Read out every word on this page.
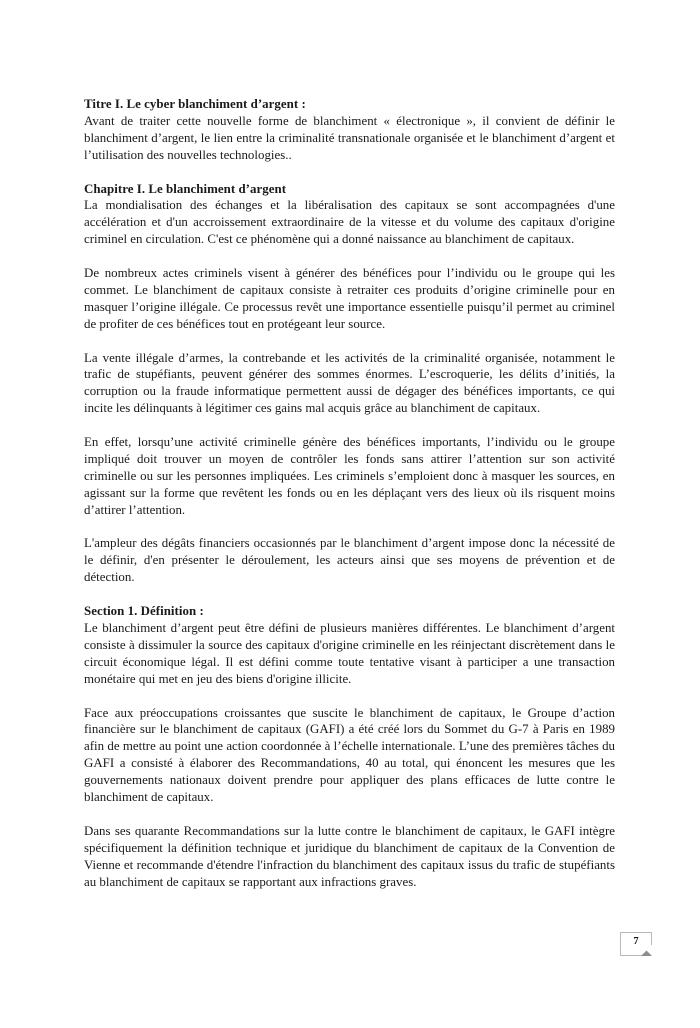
Titre I. Le cyber blanchiment d’argent :

Avant de traiter cette nouvelle forme de blanchiment « électronique », il convient de définir le blanchiment d’argent, le lien entre la criminalité transnationale organisée et le blanchiment d’argent et l’utilisation des nouvelles technologies..

Chapitre I. Le blanchiment d’argent

La mondialisation des échanges et la libéralisation des capitaux se sont accompagnées d'une accélération et d'un accroissement extraordinaire de la vitesse et du volume des capitaux d'origine criminel en circulation. C'est ce phénomène qui a donné naissance au blanchiment de capitaux.

De nombreux actes criminels visent à générer des bénéfices pour l’individu ou le groupe qui les commet. Le blanchiment de capitaux consiste à retraiter ces produits d’origine criminelle pour en masquer l’origine illégale. Ce processus revêt une importance essentielle puisqu’il permet au criminel de profiter de ces bénéfices tout en protégeant leur source.

La vente illégale d’armes, la contrebande et les activités de la criminalité organisée, notamment le trafic de stupéfiants, peuvent générer des sommes énormes. L’escroquerie, les délits d’initiés, la corruption ou la fraude informatique permettent aussi de dégager des bénéfices importants, ce qui incite les délinquants à légitimer ces gains mal acquis grâce au blanchiment de capitaux.

En effet, lorsqu’une activité criminelle génère des bénéfices importants, l’individu ou le groupe impliqué doit trouver un moyen de contrôler les fonds sans attirer l’attention sur son activité criminelle ou sur les personnes impliquées. Les criminels s’emploient donc à masquer les sources, en agissant sur la forme que revêtent les fonds ou en les déplaçant vers des lieux où ils risquent moins d’attirer l’attention.

L'ampleur des dégâts financiers occasionnés par le blanchiment d’argent impose donc la nécessité de le définir, d'en présenter le déroulement, les acteurs ainsi que ses moyens de prévention et de détection.

Section 1. Définition :

Le blanchiment d’argent peut être défini de plusieurs manières différentes. Le blanchiment d’argent consiste à dissimuler la source des capitaux d'origine criminelle en les réinjectant discrètement dans le circuit économique légal. Il est défini comme toute tentative visant à participer a une transaction monétaire qui met en jeu des biens d'origine illicite.

Face aux préoccupations croissantes que suscite le blanchiment de capitaux, le Groupe d’action financière sur le blanchiment de capitaux (GAFI) a été créé lors du Sommet du G-7 à Paris en 1989 afin de mettre au point une action coordonnée à l’échelle internationale. L’une des premières tâches du GAFI a consisté à élaborer des Recommandations, 40 au total, qui énoncent les mesures que les gouvernements nationaux doivent prendre pour appliquer des plans efficaces de lutte contre le blanchiment de capitaux.

Dans ses quarante Recommandations sur la lutte contre le blanchiment de capitaux, le GAFI intègre spécifiquement la définition technique et juridique du blanchiment de capitaux de la Convention de Vienne et recommande d'étendre l'infraction du blanchiment des capitaux issus du trafic de stupéfiants au blanchiment de capitaux se rapportant aux infractions graves.

7
